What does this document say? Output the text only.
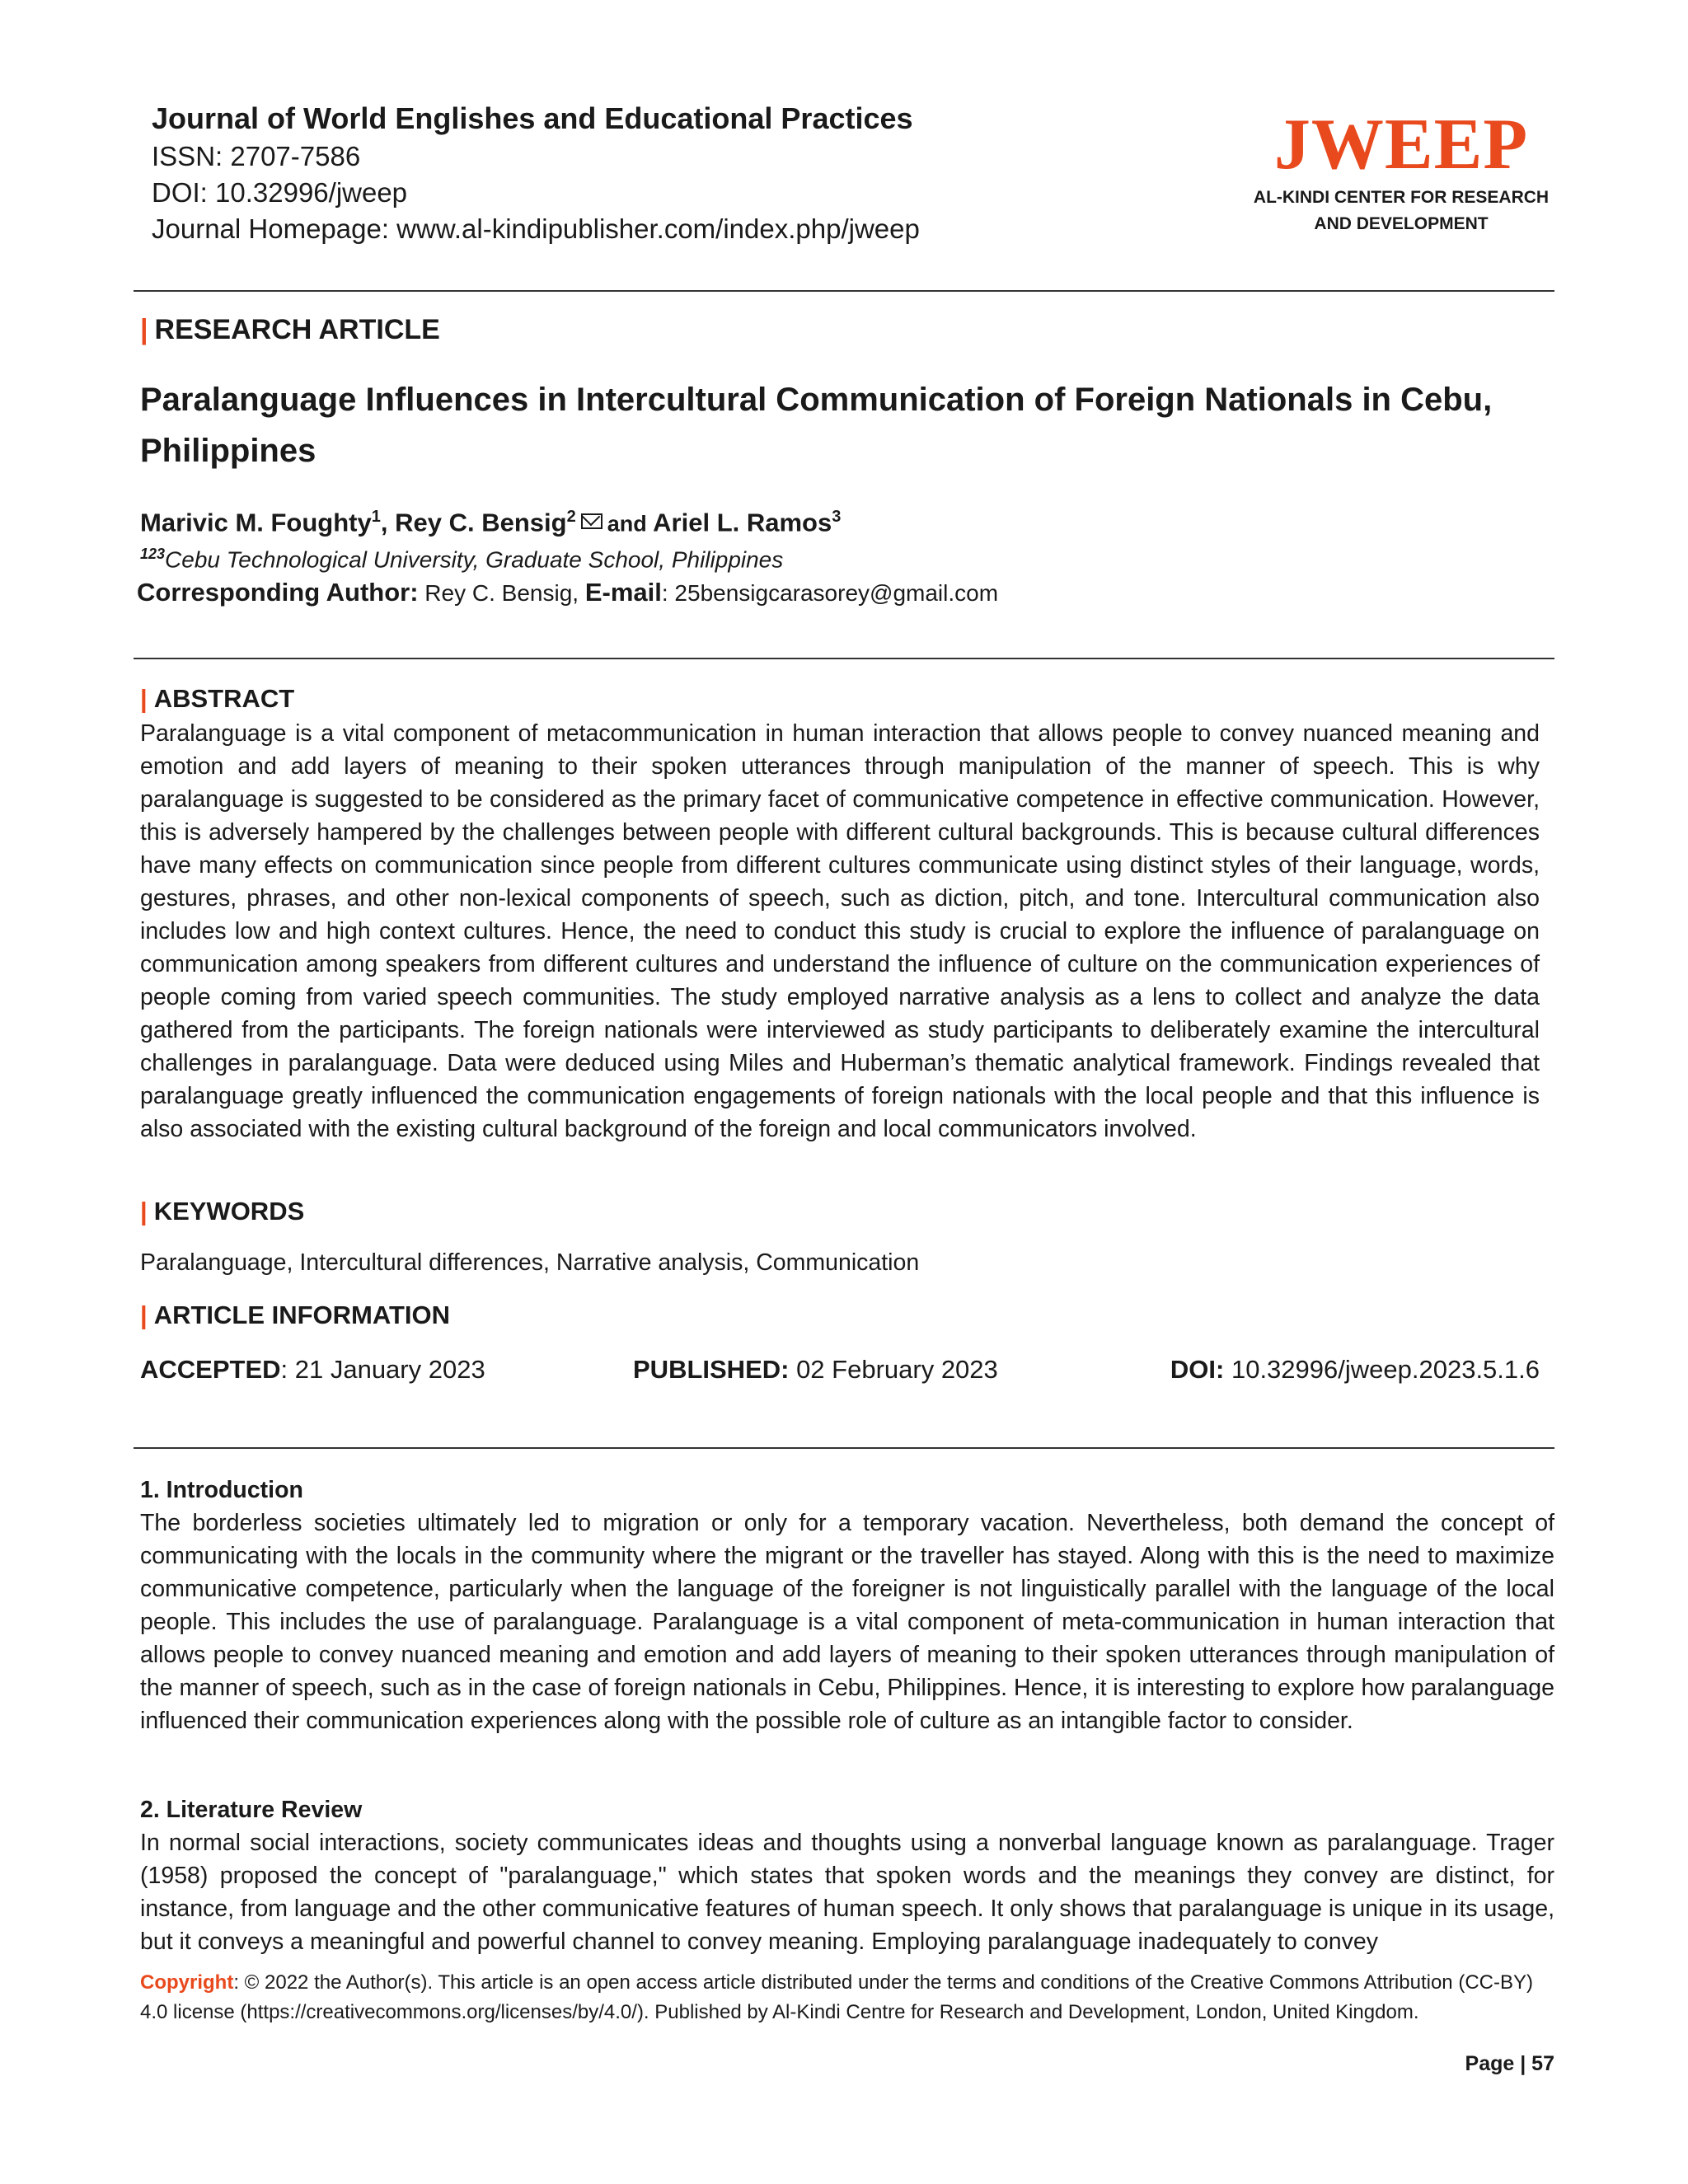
Journal of World Englishes and Educational Practices

ISSN: 2707-7586

DOI: 10.32996/jweep

Journal Homepage: www.al-kindipublisher.com/index.php/jweep

JWEEP
AL-KINDI CENTER FOR RESEARCH
AND DEVELOPMENT
| RESEARCH ARTICLE
Paralanguage Influences in Intercultural Communication of Foreign Nationals in Cebu, Philippines
Marivic M. Foughty$^1$, Rey C. Bensig$^2$ and Ariel L. Ramos$^3$
$^{123}$Cebu Technological University, Graduate School, Philippines
Corresponding Author: Rey C. Bensig, E-mail: 25bensigcarasorey@gmail.com
| ABSTRACT

Paralanguage is a vital component of metacommunication in human interaction that allows people to convey nuanced meaning and emotion and add layers of meaning to their spoken utterances through manipulation of the manner of speech. This is why paralanguage is suggested to be considered as the primary facet of communicative competence in effective communication. However, this is adversely hampered by the challenges between people with different cultural backgrounds. This is because cultural differences have many effects on communication since people from different cultures communicate using distinct styles of their language, words, gestures, phrases, and other non-lexical components of speech, such as diction, pitch, and tone. Intercultural communication also includes low and high context cultures. Hence, the need to conduct this study is crucial to explore the influence of paralanguage on communication among speakers from different cultures and understand the influence of culture on the communication experiences of people coming from varied speech communities. The study employed narrative analysis as a lens to collect and analyze the data gathered from the participants. The foreign nationals were interviewed as study participants to deliberately examine the intercultural challenges in paralanguage. Data were deduced using Miles and Huberman’s thematic analytical framework. Findings revealed that paralanguage greatly influenced the communication engagements of foreign nationals with the local people and that this influence is also associated with the existing cultural background of the foreign and local communicators involved.

| KEYWORDS
Paralanguage, Intercultural differences, Narrative analysis, Communication
| ARTICLE INFORMATION
ACCEPTED: 21 January 2023	PUBLISHED: 02 February 2023	DOI: 10.32996/jweep.2023.5.1.6
1. Introduction

The borderless societies ultimately led to migration or only for a temporary vacation. Nevertheless, both demand the concept of communicating with the locals in the community where the migrant or the traveller has stayed. Along with this is the need to maximize communicative competence, particularly when the language of the foreigner is not linguistically parallel with the language of the local people. This includes the use of paralanguage. Paralanguage is a vital component of meta-communication in human interaction that allows people to convey nuanced meaning and emotion and add layers of meaning to their spoken utterances through manipulation of the manner of speech, such as in the case of foreign nationals in Cebu, Philippines. Hence, it is interesting to explore how paralanguage influenced their communication experiences along with the possible role of culture as an intangible factor to consider.

2. Literature Review

In normal social interactions, society communicates ideas and thoughts using a nonverbal language known as paralanguage. Trager (1958) proposed the concept of "paralanguage," which states that spoken words and the meanings they convey are distinct, for instance, from language and the other communicative features of human speech. It only shows that paralanguage is unique in its usage, but it conveys a meaningful and powerful channel to convey meaning. Employing paralanguage inadequately to convey

Copyright: © 2022 the Author(s). This article is an open access article distributed under the terms and conditions of the Creative Commons Attribution (CC-BY) 4.0 license (https://creativecommons.org/licenses/by/4.0/). Published by Al-Kindi Centre for Research and Development, London, United Kingdom.

Page | 57
